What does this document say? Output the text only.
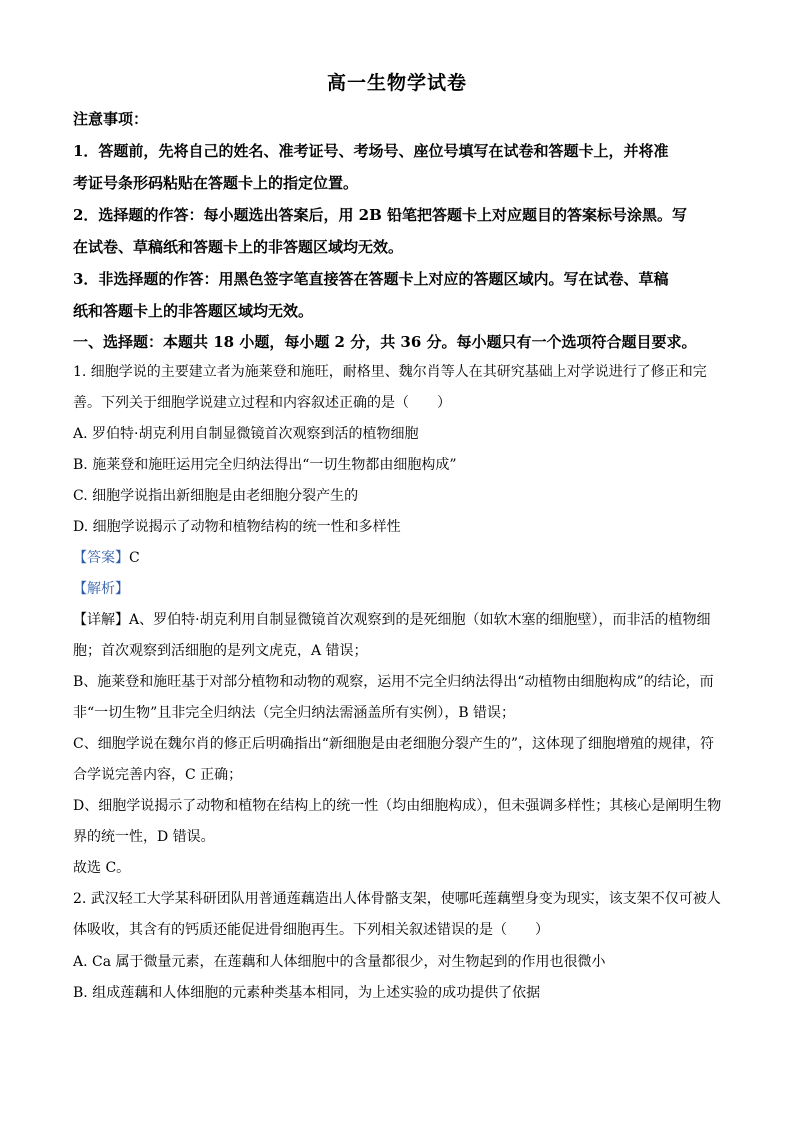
高一生物学试卷
注意事项：
1．答题前，先将自己的姓名、准考证号、考场号、座位号填写在试卷和答题卡上，并将准
考证号条形码粘贴在答题卡上的指定位置。
2．选择题的作答：每小题选出答案后，用 2B 铅笔把答题卡上对应题目的答案标号涂黑。写
在试卷、草稿纸和答题卡上的非答题区域均无效。
3．非选择题的作答：用黑色签字笔直接答在答题卡上对应的答题区域内。写在试卷、草稿
纸和答题卡上的非答题区域均无效。
一、选择题：本题共 18 小题，每小题 2 分，共 36 分。每小题只有一个选项符合题目要求。
1. 细胞学说的主要建立者为施莱登和施旺，耐格里、魏尔肖等人在其研究基础上对学说进行了修正和完
善。下列关于细胞学说建立过程和内容叙述正确的是（　　）
A. 罗伯特·胡克利用自制显微镜首次观察到活的植物细胞
B. 施莱登和施旺运用完全归纳法得出“一切生物都由细胞构成”
C. 细胞学说指出新细胞是由老细胞分裂产生的
D. 细胞学说揭示了动物和植物结构的统一性和多样性
【答案】C
【解析】
【详解】A、罗伯特·胡克利用自制显微镜首次观察到的是死细胞（如软木塞的细胞壁），而非活的植物细
胞；首次观察到活细胞的是列文虎克，A 错误；
B、施莱登和施旺基于对部分植物和动物的观察，运用不完全归纳法得出“动植物由细胞构成”的结论，而
非“一切生物”且非完全归纳法（完全归纳法需涵盖所有实例），B 错误；
C、细胞学说在魏尔肖的修正后明确指出“新细胞是由老细胞分裂产生的”，这体现了细胞增殖的规律，符
合学说完善内容，C 正确；
D、细胞学说揭示了动物和植物在结构上的统一性（均由细胞构成），但未强调多样性；其核心是阐明生物
界的统一性，D 错误。
故选 C。
2. 武汉轻工大学某科研团队用普通莲藕造出人体骨骼支架，使哪吒莲藕塑身变为现实，该支架不仅可被人
体吸收，其含有的钙质还能促进骨细胞再生。下列相关叙述错误的是（　　）
A. Ca 属于微量元素，在莲藕和人体细胞中的含量都很少，对生物起到的作用也很微小
B. 组成莲藕和人体细胞的元素种类基本相同，为上述实验的成功提供了依据
